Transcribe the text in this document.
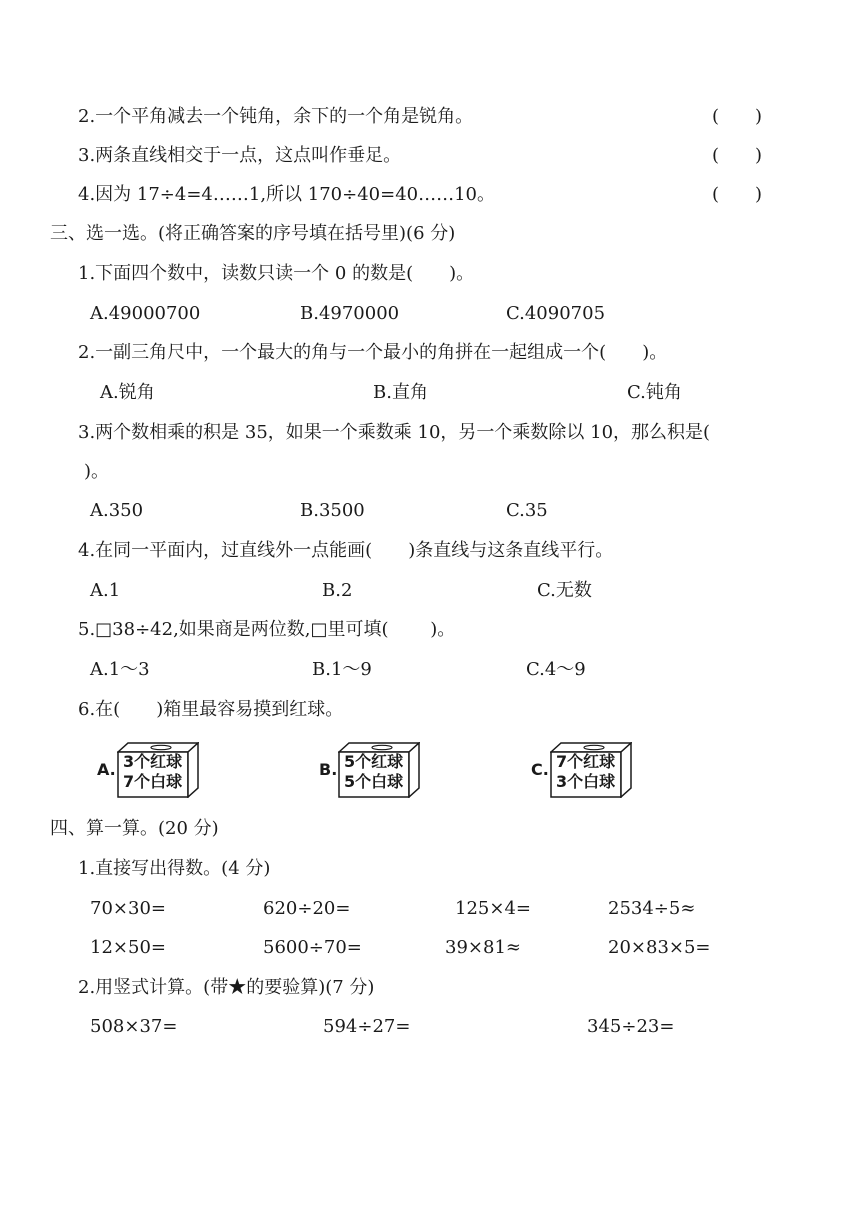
2.一个平角减去一个钝角，余下的一个角是锐角。	(　　)
3.两条直线相交于一点，这点叫作垂足。	(　　)
4.因为 17÷4=4……1,所以 170÷40=40……10。	(　　)
三、选一选。(将正确答案的序号填在括号里)(6 分)
1.下面四个数中，读数只读一个 0 的数是(　　)。
A.49000700	B.4970000	C.4090705
2.一副三角尺中，一个最大的角与一个最小的角拼在一起组成一个(　　)。
A.锐角	B.直角	C.钝角
3.两个数相乘的积是 35，如果一个乘数乘 10，另一个乘数除以 10，那么积是(
)。
A.350	B.3500	C.35
4.在同一平面内，过直线外一点能画(　　)条直线与这条直线平行。
A.1	B.2	C.无数
5.□38÷42,如果商是两位数,□里可填(　　 )。
A.1～3	B.1～9	C.4～9
6.在(　　)箱里最容易摸到红球。
A. 3个红球
7个白球
B. 5个红球
5个白球
C. 7个红球
3个白球
四、算一算。(20 分)
1.直接写出得数。(4 分)
70×30=	620÷20=	125×4=	2534÷5≈
12×50=	5600÷70=	39×81≈	20×83×5=
2.用竖式计算。(带★的要验算)(7 分)
508×37=	594÷27=	345÷23=
